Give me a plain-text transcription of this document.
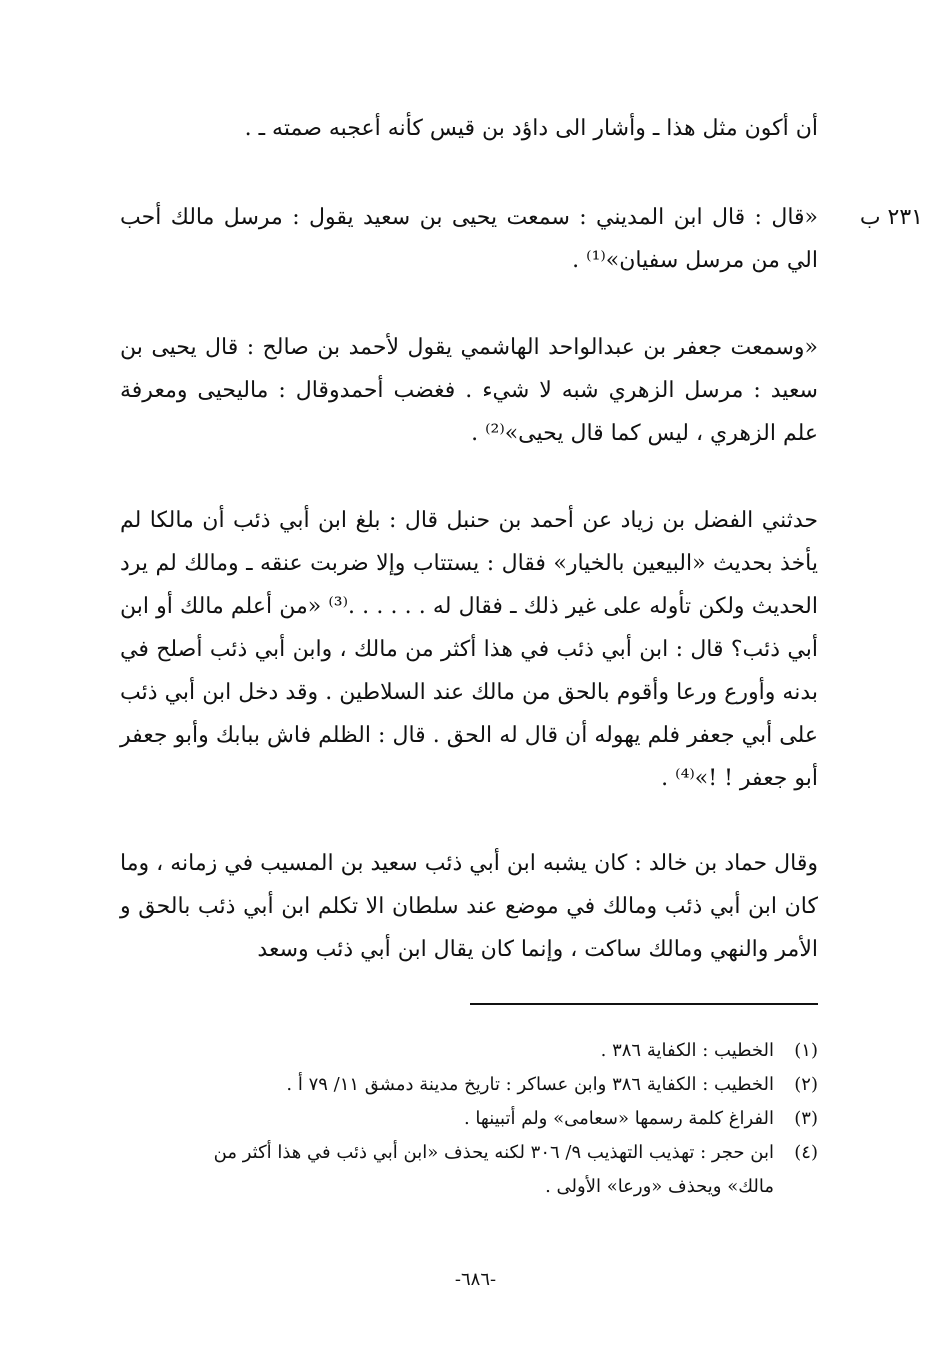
٢٣١ ب

أن أكون مثل هذا ـ وأشار الى داؤد بن قيس كأنه أعجبه صمته ـ .

«قال : قال ابن المديني : سمعت يحيى بن سعيد يقول : مرسل مالك أحب الي من مرسل سفيان»⁽¹⁾ .

«وسمعت جعفر بن عبدالواحد الهاشمي يقول لأحمد بن صالح : قال يحيى بن سعيد : مرسل الزهري شبه لا شيء . فغضب أحمدوقال : ماليحيى ومعرفة علم الزهري ، ليس كما قال يحيى»⁽²⁾ .

حدثني الفضل بن زياد عن أحمد بن حنبل قال : بلغ ابن أبي ذئب أن مالكا لم يأخذ بحديث «البيعين بالخيار» فقال : يستتاب وإلا ضربت عنقه ـ ومالك لم يرد الحديث ولكن تأوله على غير ذلك ـ فقال له . . . . . .⁽³⁾ «من أعلم مالك أو ابن أبي ذئب؟ قال : ابن أبي ذئب في هذا أكثر من مالك ، وابن أبي ذئب أصلح في بدنه وأورع ورعا وأقوم بالحق من مالك عند السلاطين . وقد دخل ابن أبي ذئب على أبي جعفر فلم يهوله أن قال له الحق . قال : الظلم فاش ببابك وأبو جعفر أبو جعفر ! !»⁽⁴⁾ .

وقال حماد بن خالد : كان يشبه ابن أبي ذئب سعيد بن المسيب في زمانه ، وما كان ابن أبي ذئب ومالك في موضع عند سلطان الا تكلم ابن أبي ذئب بالحق و الأمر والنهي ومالك ساكت ، وإنما كان يقال ابن أبي ذئب وسعد

(١)
الخطيب : الكفاية ٣٨٦ .
(٢)
الخطيب : الكفاية ٣٨٦ وابن عساكر : تاريخ مدينة دمشق ١١/ ٧٩ أ .
(٣)
الفراغ كلمة رسمها «سعامى» ولم أتبينها .
(٤)
ابن حجر : تهذيب التهذيب ٩/ ٣٠٦ لكنه يحذف «ابن أبي ذئب في هذا أكثر من مالك» ويحذف «ورعا» الأولى .
-٦٨٦-
